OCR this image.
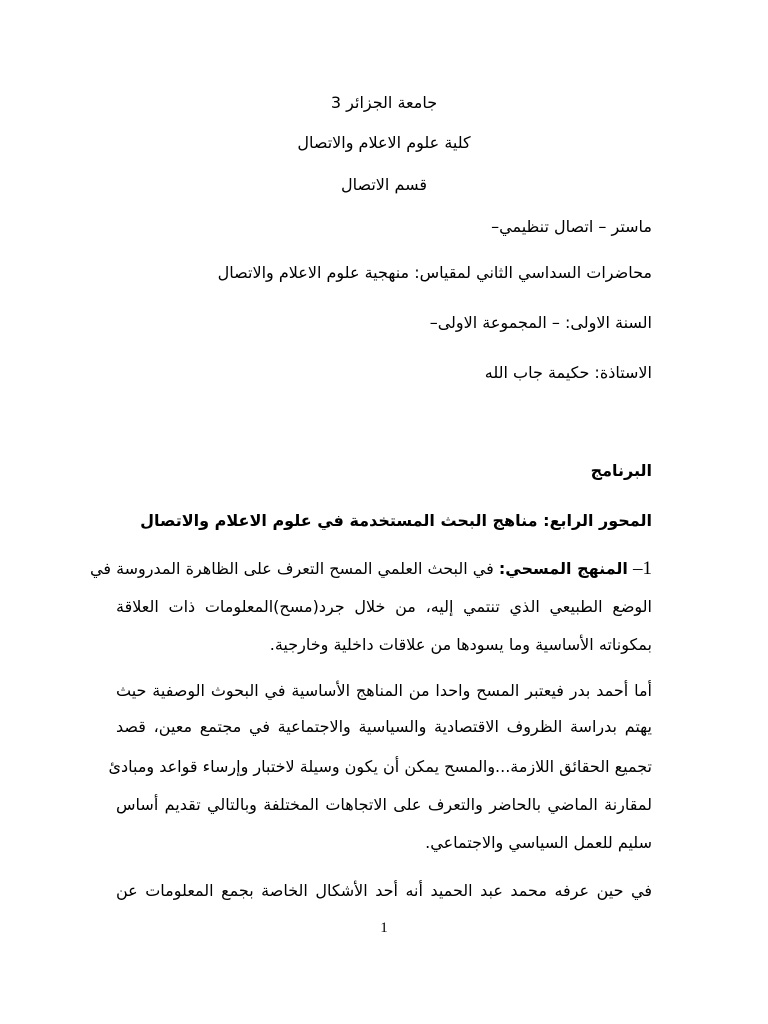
جامعة الجزائر 3
كلية علوم الاعلام والاتصال
قسم الاتصال
ماستر – اتصال تنظيمي–
محاضرات السداسي الثاني لمقياس: منهجية علوم الاعلام والاتصال
السنة الاولى: – المجموعة الاولى–
الاستاذة: حكيمة جاب الله
البرنامج
المحور الرابع: مناهج البحث المستخدمة في علوم الاعلام والاتصال
1– المنهج المسحي: في البحث العلمي المسح التعرف على الظاهرة المدروسة في
الوضع الطبيعي الذي تنتمي إليه، من خلال جرد(مسح)المعلومات ذات العلاقة
بمكوناته الأساسية وما يسودها من علاقات داخلية وخارجية.
أما أحمد بدر فيعتبر المسح واحدا من المناهج الأساسية في البحوث الوصفية حيث
يهتم بدراسة الظروف الاقتصادية والسياسية والاجتماعية في مجتمع معين، قصد
تجميع الحقائق اللازمة...والمسح يمكن أن يكون وسيلة لاختبار وإرساء قواعد ومبادئ
لمقارنة الماضي بالحاضر والتعرف على الاتجاهات المختلفة وبالتالي تقديم أساس
سليم للعمل السياسي والاجتماعي.
في حين عرفه محمد عبد الحميد أنه أحد الأشكال الخاصة بجمع المعلومات عن
1
